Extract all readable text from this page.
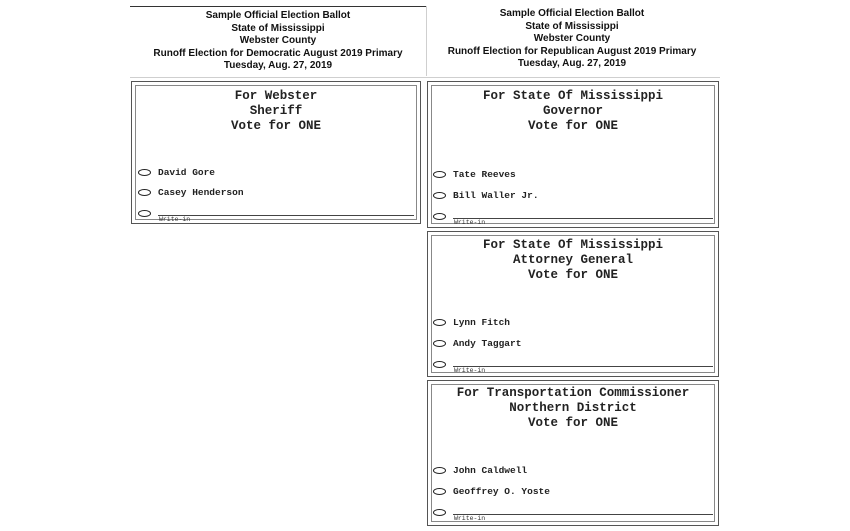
Sample Official Election Ballot
State of Mississippi
Webster County
Runoff Election for Democratic August 2019 Primary
Tuesday, Aug. 27, 2019
Sample Official Election Ballot
State of Mississippi
Webster County
Runoff Election for Republican August 2019 Primary
Tuesday, Aug. 27, 2019
For Webster
Sheriff
Vote for ONE
David Gore
Casey Henderson
Write-in
For State Of Mississippi
Governor
Vote for ONE
Tate Reeves
Bill Waller Jr.
Write-in
For State Of Mississippi
Attorney General
Vote for ONE
Lynn Fitch
Andy Taggart
Write-in
For Transportation Commissioner
Northern District
Vote for ONE
John Caldwell
Geoffrey O. Yoste
Write-in
